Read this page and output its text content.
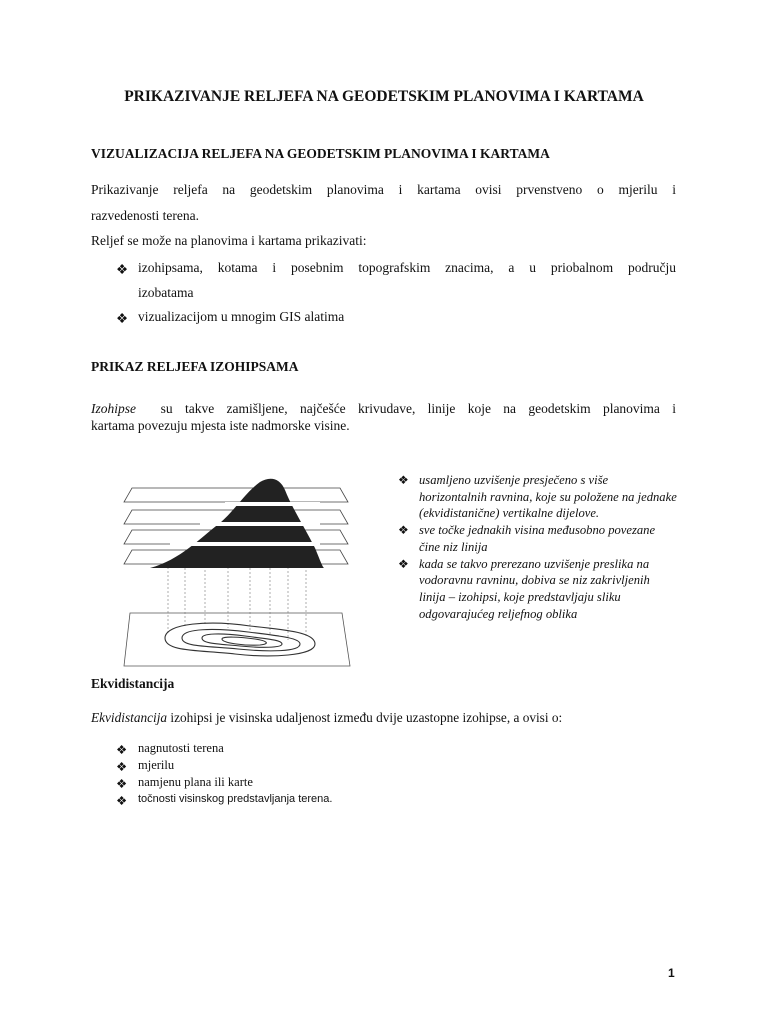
PRIKAZIVANJE RELJEFA NA GEODETSKIM PLANOVIMA I KARTAMA
VIZUALIZACIJA RELJEFA NA GEODETSKIM PLANOVIMA I KARTAMA
Prikazivanje reljefa na geodetskim planovima i kartama ovisi prvenstveno o mjerilu i
razvedenosti terena.
Reljef se može na planovima i kartama prikazivati:
❖ izohipsama, kotama i posebnim topografskim znacima, a u priobalnom području
izobatama
❖ vizualizacijom u mnogim GIS alatima
PRIKAZ RELJEFA IZOHIPSAMA
Izohipse su takve zamišljene, najčešće krivudave, linije koje na geodetskim planovima i
kartama povezuju mjesta iste nadmorske visine.
❖ usamljeno uzvišenje presječeno s više horizontalnih ravnina, koje su položene na jednake (ekvidistanične) vertikalne dijelove.
❖ sve točke jednakih visina međusobno povezane čine niz linija
❖ kada se takvo prerezano uzvišenje preslika na vodoravnu ravninu, dobiva se niz zakrivljenih linija – izohipsi, koje predstavljaju sliku odgovarajućeg reljefnog oblika
Ekvidistancija
Ekvidistancija izohipsi je visinska udaljenost između dvije uzastopne izohipse, a ovisi o:
❖ nagnutosti terena
❖ mjerilu
❖ namjenu plana ili karte
❖ točnosti visinskog predstavljanja terena.
1
